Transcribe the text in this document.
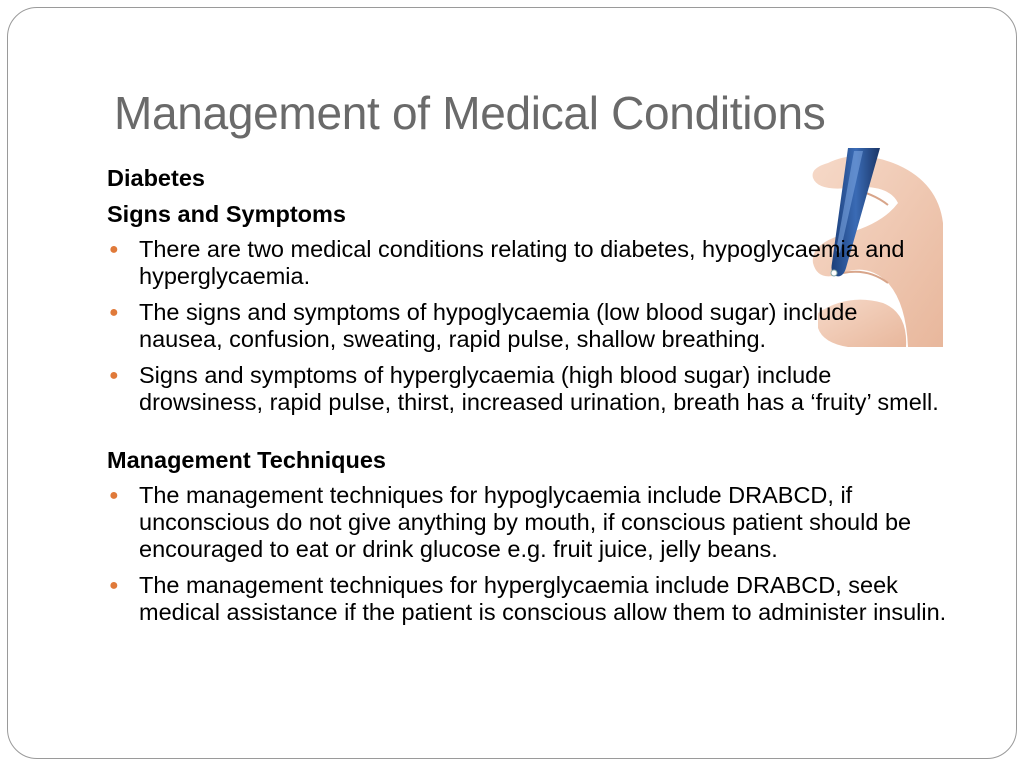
Management of Medical Conditions
Diabetes
Signs and Symptoms
● There are two medical conditions relating to diabetes, hypoglycaemia and hyperglycaemia.
● The signs and symptoms of hypoglycaemia (low blood sugar) include nausea, confusion, sweating, rapid pulse, shallow breathing.
● Signs and symptoms of hyperglycaemia (high blood sugar) include drowsiness, rapid pulse, thirst, increased urination, breath has a ‘fruity’ smell.
Management Techniques
● The management techniques for hypoglycaemia include DRABCD, if unconscious do not give anything by mouth, if conscious patient should be encouraged to eat or drink glucose e.g. fruit juice, jelly beans.
● The management techniques for hyperglycaemia include DRABCD, seek medical assistance if the patient is conscious allow them to administer insulin.
